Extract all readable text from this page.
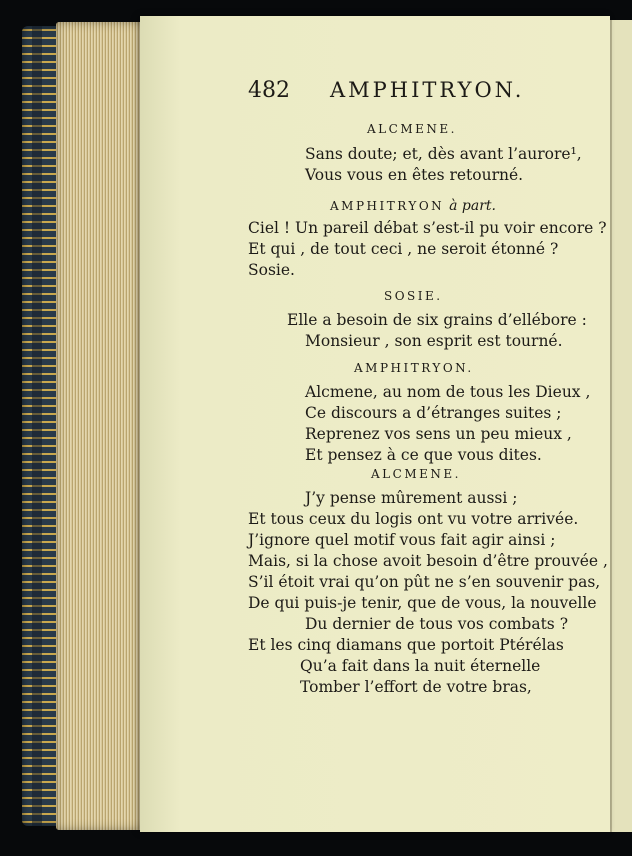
482 AMPHITRYON.
ALCMENE.
Sans doute; et, dès avant l’aurore¹,
Vous vous en êtes retourné.
AMPHITRYON à part.
Ciel ! Un pareil débat s’est-il pu voir encore ?
Et qui , de tout ceci , ne seroit étonné ?
Sosie.
SOSIE.
Elle a besoin de six grains d’ellébore :
Monsieur , son esprit est tourné.
AMPHITRYON.
Alcmene, au nom de tous les Dieux ,
Ce discours a d’étranges suites ;
Reprenez vos sens un peu mieux ,
Et pensez à ce que vous dites.
ALCMENE.
J’y pense mûrement aussi ;
Et tous ceux du logis ont vu votre arrivée.
J’ignore quel motif vous fait agir ainsi ;
Mais, si la chose avoit besoin d’être prouvée ,
S’il étoit vrai qu’on pût ne s’en souvenir pas,
De qui puis-je tenir, que de vous, la nouvelle
Du dernier de tous vos combats ?
Et les cinq diamans que portoit Ptérélas
Qu’a fait dans la nuit éternelle
Tomber l’effort de votre bras,
